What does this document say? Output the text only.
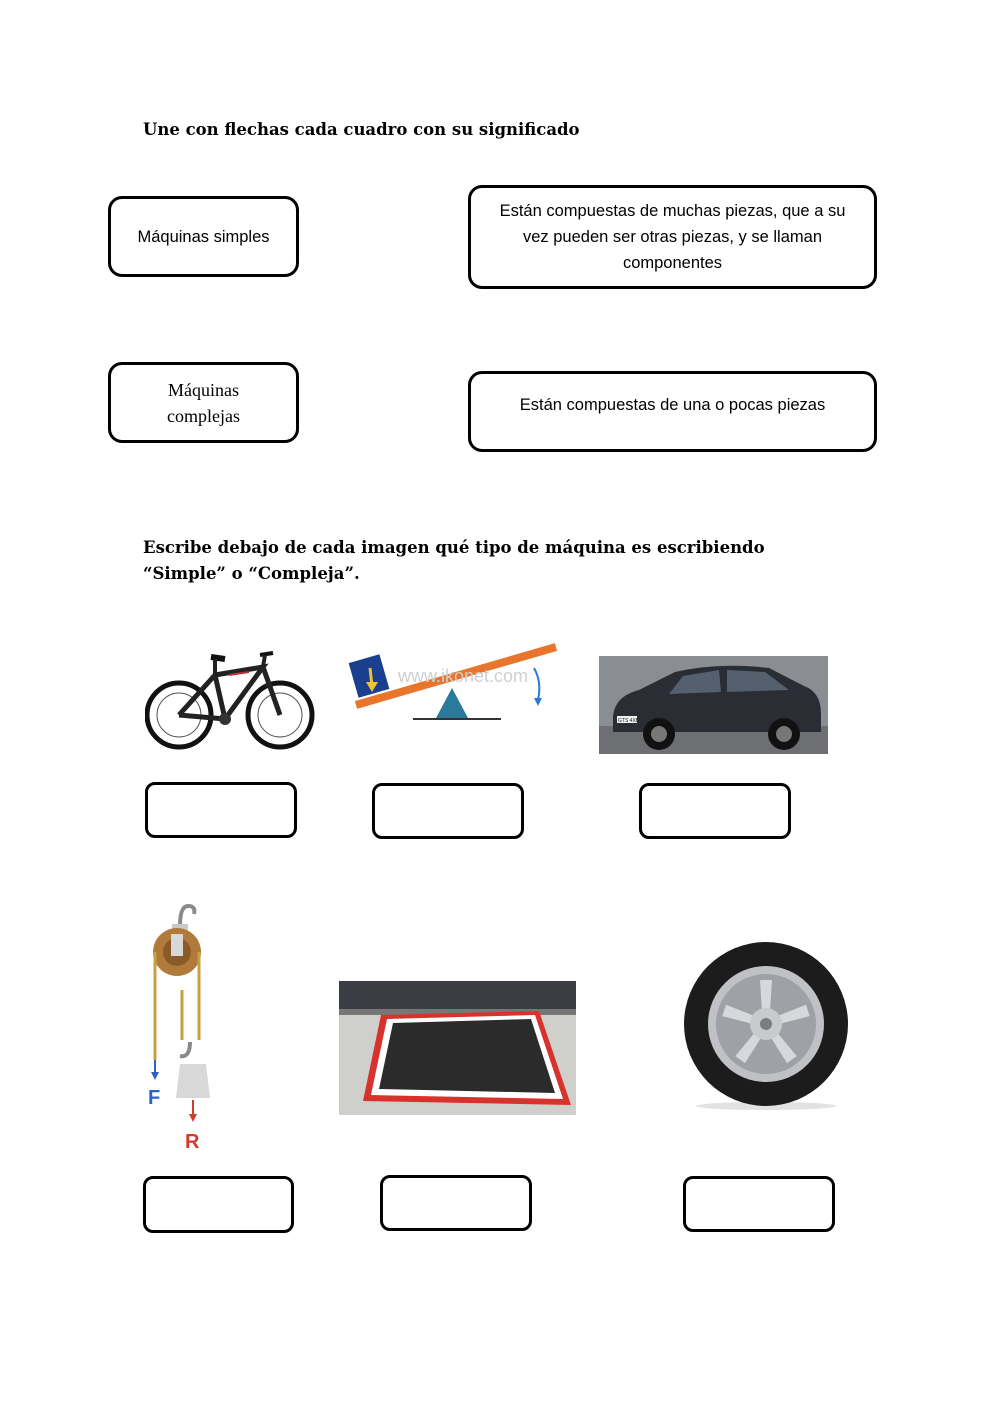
Une con flechas cada cuadro con su significado

Máquinas simples
Máquinas complejas
Están compuestas de muchas piezas, que a su vez pueden ser otras piezas, y se llaman componentes
Están compuestas de una o pocas piezas

Escribe debajo de cada imagen qué tipo de máquina es escribiendo “Simple” o “Compleja”.

www.ikonet.com
GTS 4XB
F
R
